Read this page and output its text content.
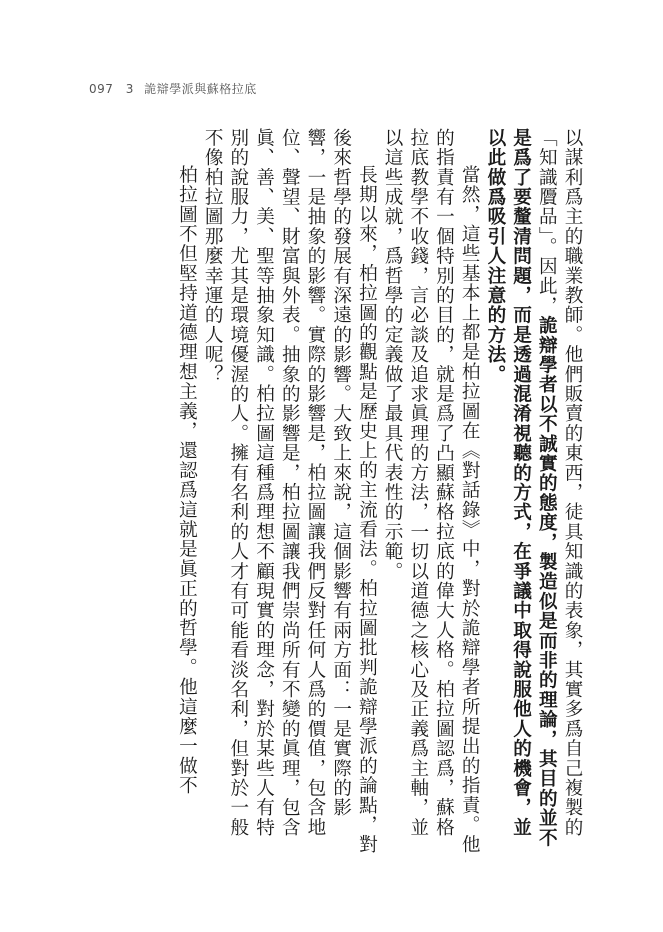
097 3 詭辯學派與蘇格拉底

以謀利爲主的職業教師。他們販賣的東西，徒具知識的表象，其實多爲自己複製的「知識贗品」。因此，詭辯學者以不誠實的態度，製造似是而非的理論，其目的並不是爲了要釐清問題，而是透過混淆視聽的方式，在爭議中取得說服他人的機會，並以此做爲吸引人注意的方法。

當然，這些基本上都是柏拉圖在《對話錄》中，對於詭辯學者所提出的指責。他的指責有一個特別的目的，就是爲了凸顯蘇格拉底的偉大人格。柏拉圖認爲，蘇格拉底教學不收錢，言必談及追求眞理的方法，一切以道德之核心及正義爲主軸，並以這些成就，爲哲學的定義做了最具代表性的示範。

長期以來，柏拉圖的觀點是歷史上的主流看法。柏拉圖批判詭辯學派的論點，對後來哲學的發展有深遠的影響。大致上來說，這個影響有兩方面：一是實際的影響，一是抽象的影響。實際的影響是，柏拉圖讓我們反對任何人爲的價值，包含地位、聲望、財富與外表。抽象的影響是，柏拉圖讓我們崇尚所有不變的眞理，包含眞、善、美、聖等抽象知識。柏拉圖這種爲理想不顧現實的理念，對於某些人有特別的說服力，尤其是環境優渥的人。擁有名利的人才有可能看淡名利，但對於一般不像柏拉圖那麼幸運的人呢？

柏拉圖不但堅持道德理想主義，還認爲這就是眞正的哲學。他這麼一做不
